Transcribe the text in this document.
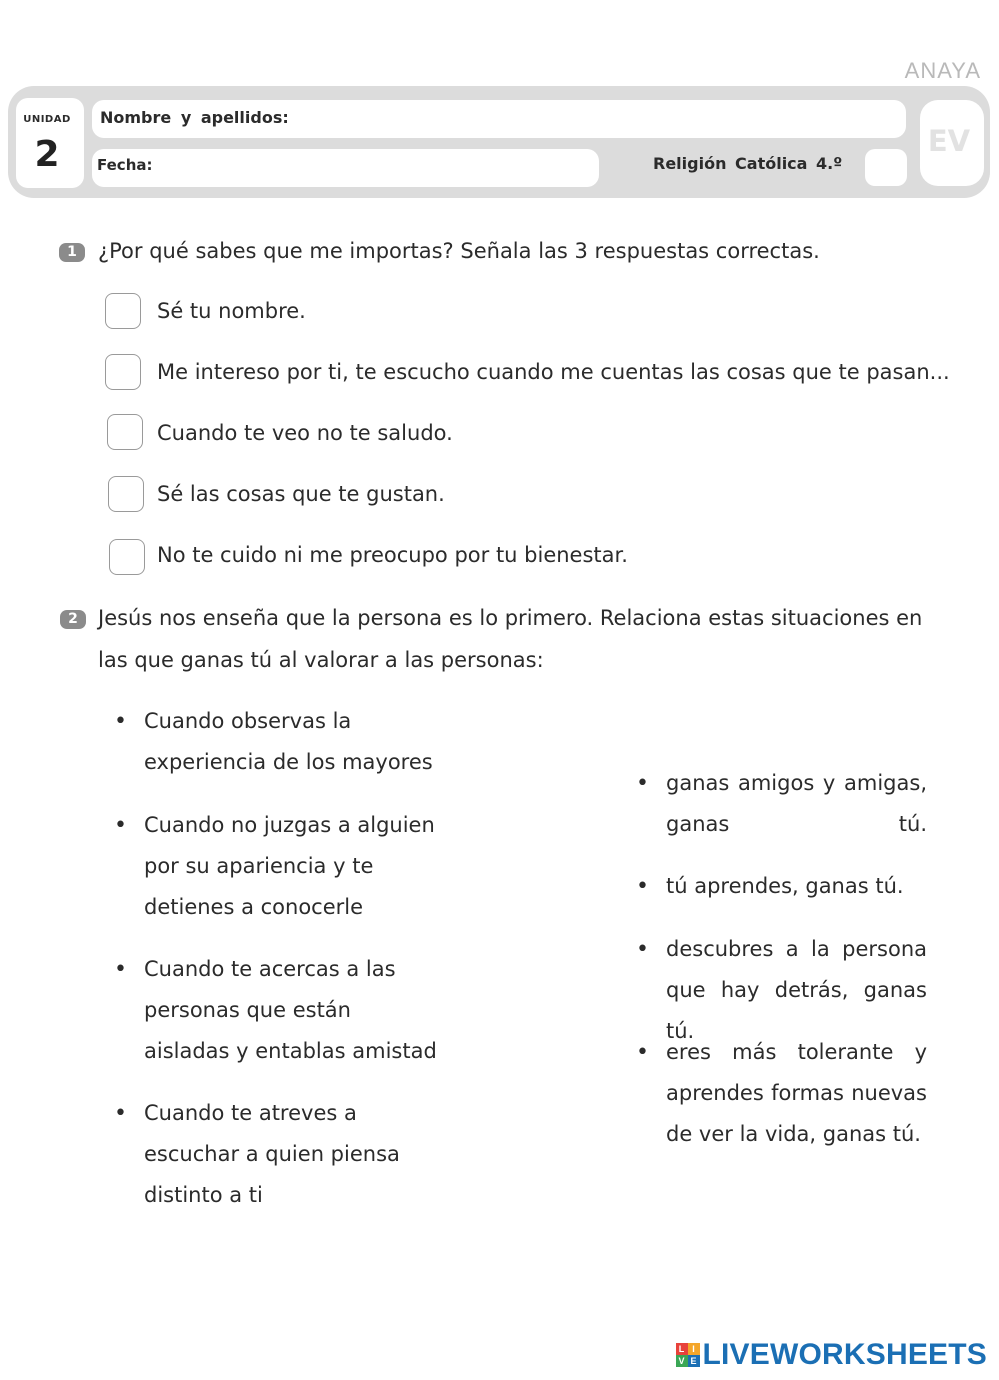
ANAYA
UNIDAD
2
Nombre y apellidos:
Fecha:	Religión Católica 4.º
EV
1	¿Por qué sabes que me importas? Señala las 3 respuestas correctas.
Sé tu nombre.
Me intereso por ti, te escucho cuando me cuentas las cosas que te pasan...
Cuando te veo no te saludo.
Sé las cosas que te gustan.
No te cuido ni me preocupo por tu bienestar.
2 Jesús nos enseña que la persona es lo primero. Relaciona estas situaciones en las que ganas tú al valorar a las personas:
• Cuando observas la experiencia de los mayores
• Cuando no juzgas a alguien por su apariencia y te detienes a conocerle
• Cuando te acercas a las personas que están aisladas y entablas amistad
• Cuando te atreves a escuchar a quien piensa distinto a ti
• ganas amigos y amigas, ganas tú.
• tú aprendes, ganas tú.
• descubres a la persona que hay detrás, ganas tú.
• eres más tolerante y aprendes formas nuevas de ver la vida, ganas tú.
L I
V E LIVEWORKSHEETS
